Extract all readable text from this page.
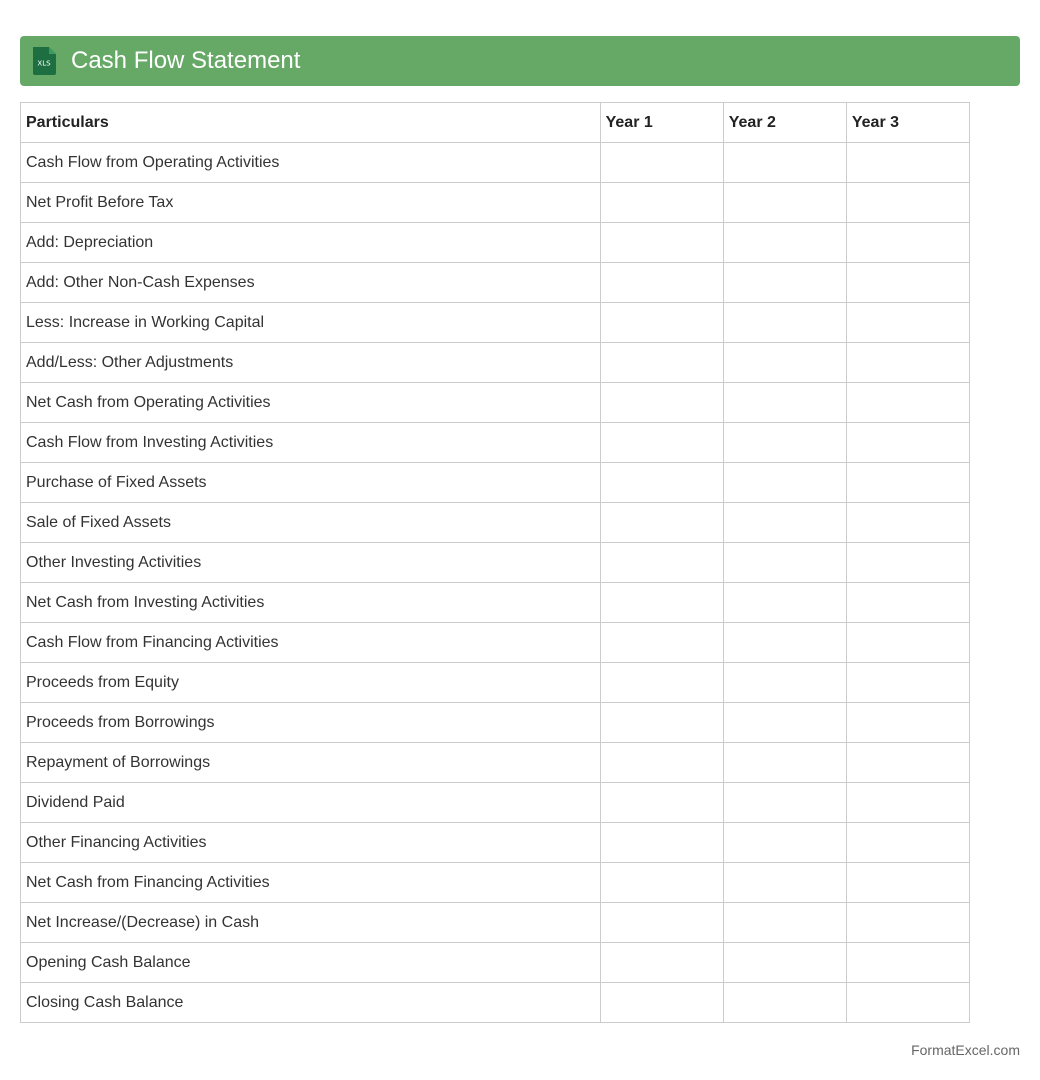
XLS Cash Flow Statement
Particulars	Year 1	Year 2	Year 3
Cash Flow from Operating Activities			
Net Profit Before Tax			
Add: Depreciation			
Add: Other Non-Cash Expenses			
Less: Increase in Working Capital			
Add/Less: Other Adjustments			
Net Cash from Operating Activities			
Cash Flow from Investing Activities			
Purchase of Fixed Assets			
Sale of Fixed Assets			
Other Investing Activities			
Net Cash from Investing Activities			
Cash Flow from Financing Activities			
Proceeds from Equity			
Proceeds from Borrowings			
Repayment of Borrowings			
Dividend Paid			
Other Financing Activities			
Net Cash from Financing Activities			
Net Increase/(Decrease) in Cash			
Opening Cash Balance			
Closing Cash Balance			
FormatExcel.com
